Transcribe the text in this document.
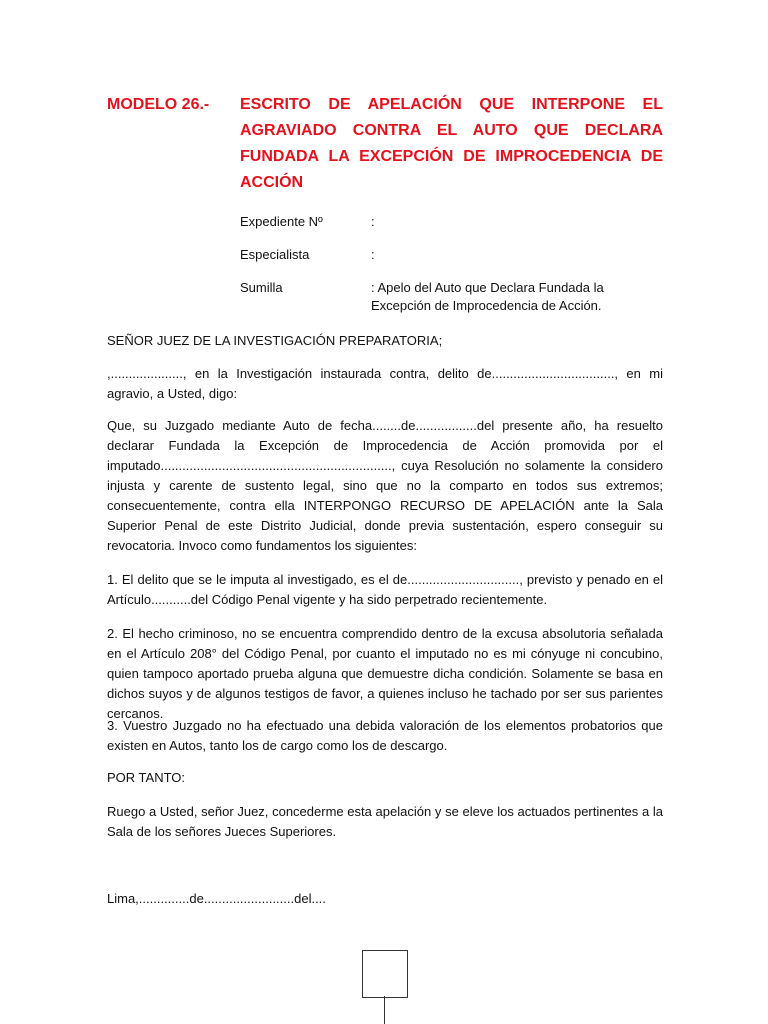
MODELO 26.- ESCRITO DE APELACIÓN QUE INTERPONE EL AGRAVIADO CONTRA EL AUTO QUE DECLARA FUNDADA LA EXCEPCIÓN DE IMPROCEDENCIA DE ACCIÓN
Expediente Nº	:
Especialista	:
Sumilla	: Apelo del Auto que Declara Fundada la Excepción de Improcedencia de Acción.
SEÑOR JUEZ DE LA INVESTIGACIÓN PREPARATORIA;
,...................., en la Investigación instaurada contra, delito de.................................., en mi agravio, a Usted, digo:
Que, su Juzgado mediante Auto de fecha........de.................del presente año, ha resuelto declarar Fundada la Excepción de Improcedencia de Acción promovida por el imputado................................................................, cuya Resolución no solamente la considero injusta y carente de sustento legal, sino que no la comparto en todos sus extremos; consecuentemente, contra ella INTERPONGO RECURSO DE APELACIÓN ante la Sala Superior Penal de este Distrito Judicial, donde previa sustentación, espero conseguir su revocatoria. Invoco como fundamentos los siguientes:
1. El delito que se le imputa al investigado, es el de..............................., previsto y penado en el Artículo...........del Código Penal vigente y ha sido perpetrado recientemente.
2. El hecho criminoso, no se encuentra comprendido dentro de la excusa absolutoria señalada en el Artículo 208° del Código Penal, por cuanto el imputado no es mi cónyuge ni concubino, quien tampoco aportado prueba alguna que demuestre dicha condición. Solamente se basa en dichos suyos y de algunos testigos de favor, a quienes incluso he tachado por ser sus parientes cercanos.
3. Vuestro Juzgado no ha efectuado una debida valoración de los elementos probatorios que existen en Autos, tanto los de cargo como los de descargo.
POR TANTO:
Ruego a Usted, señor Juez, concederme esta apelación y se eleve los actuados pertinentes a la Sala de los señores Jueces Superiores.
Lima,..............de.........................del....
